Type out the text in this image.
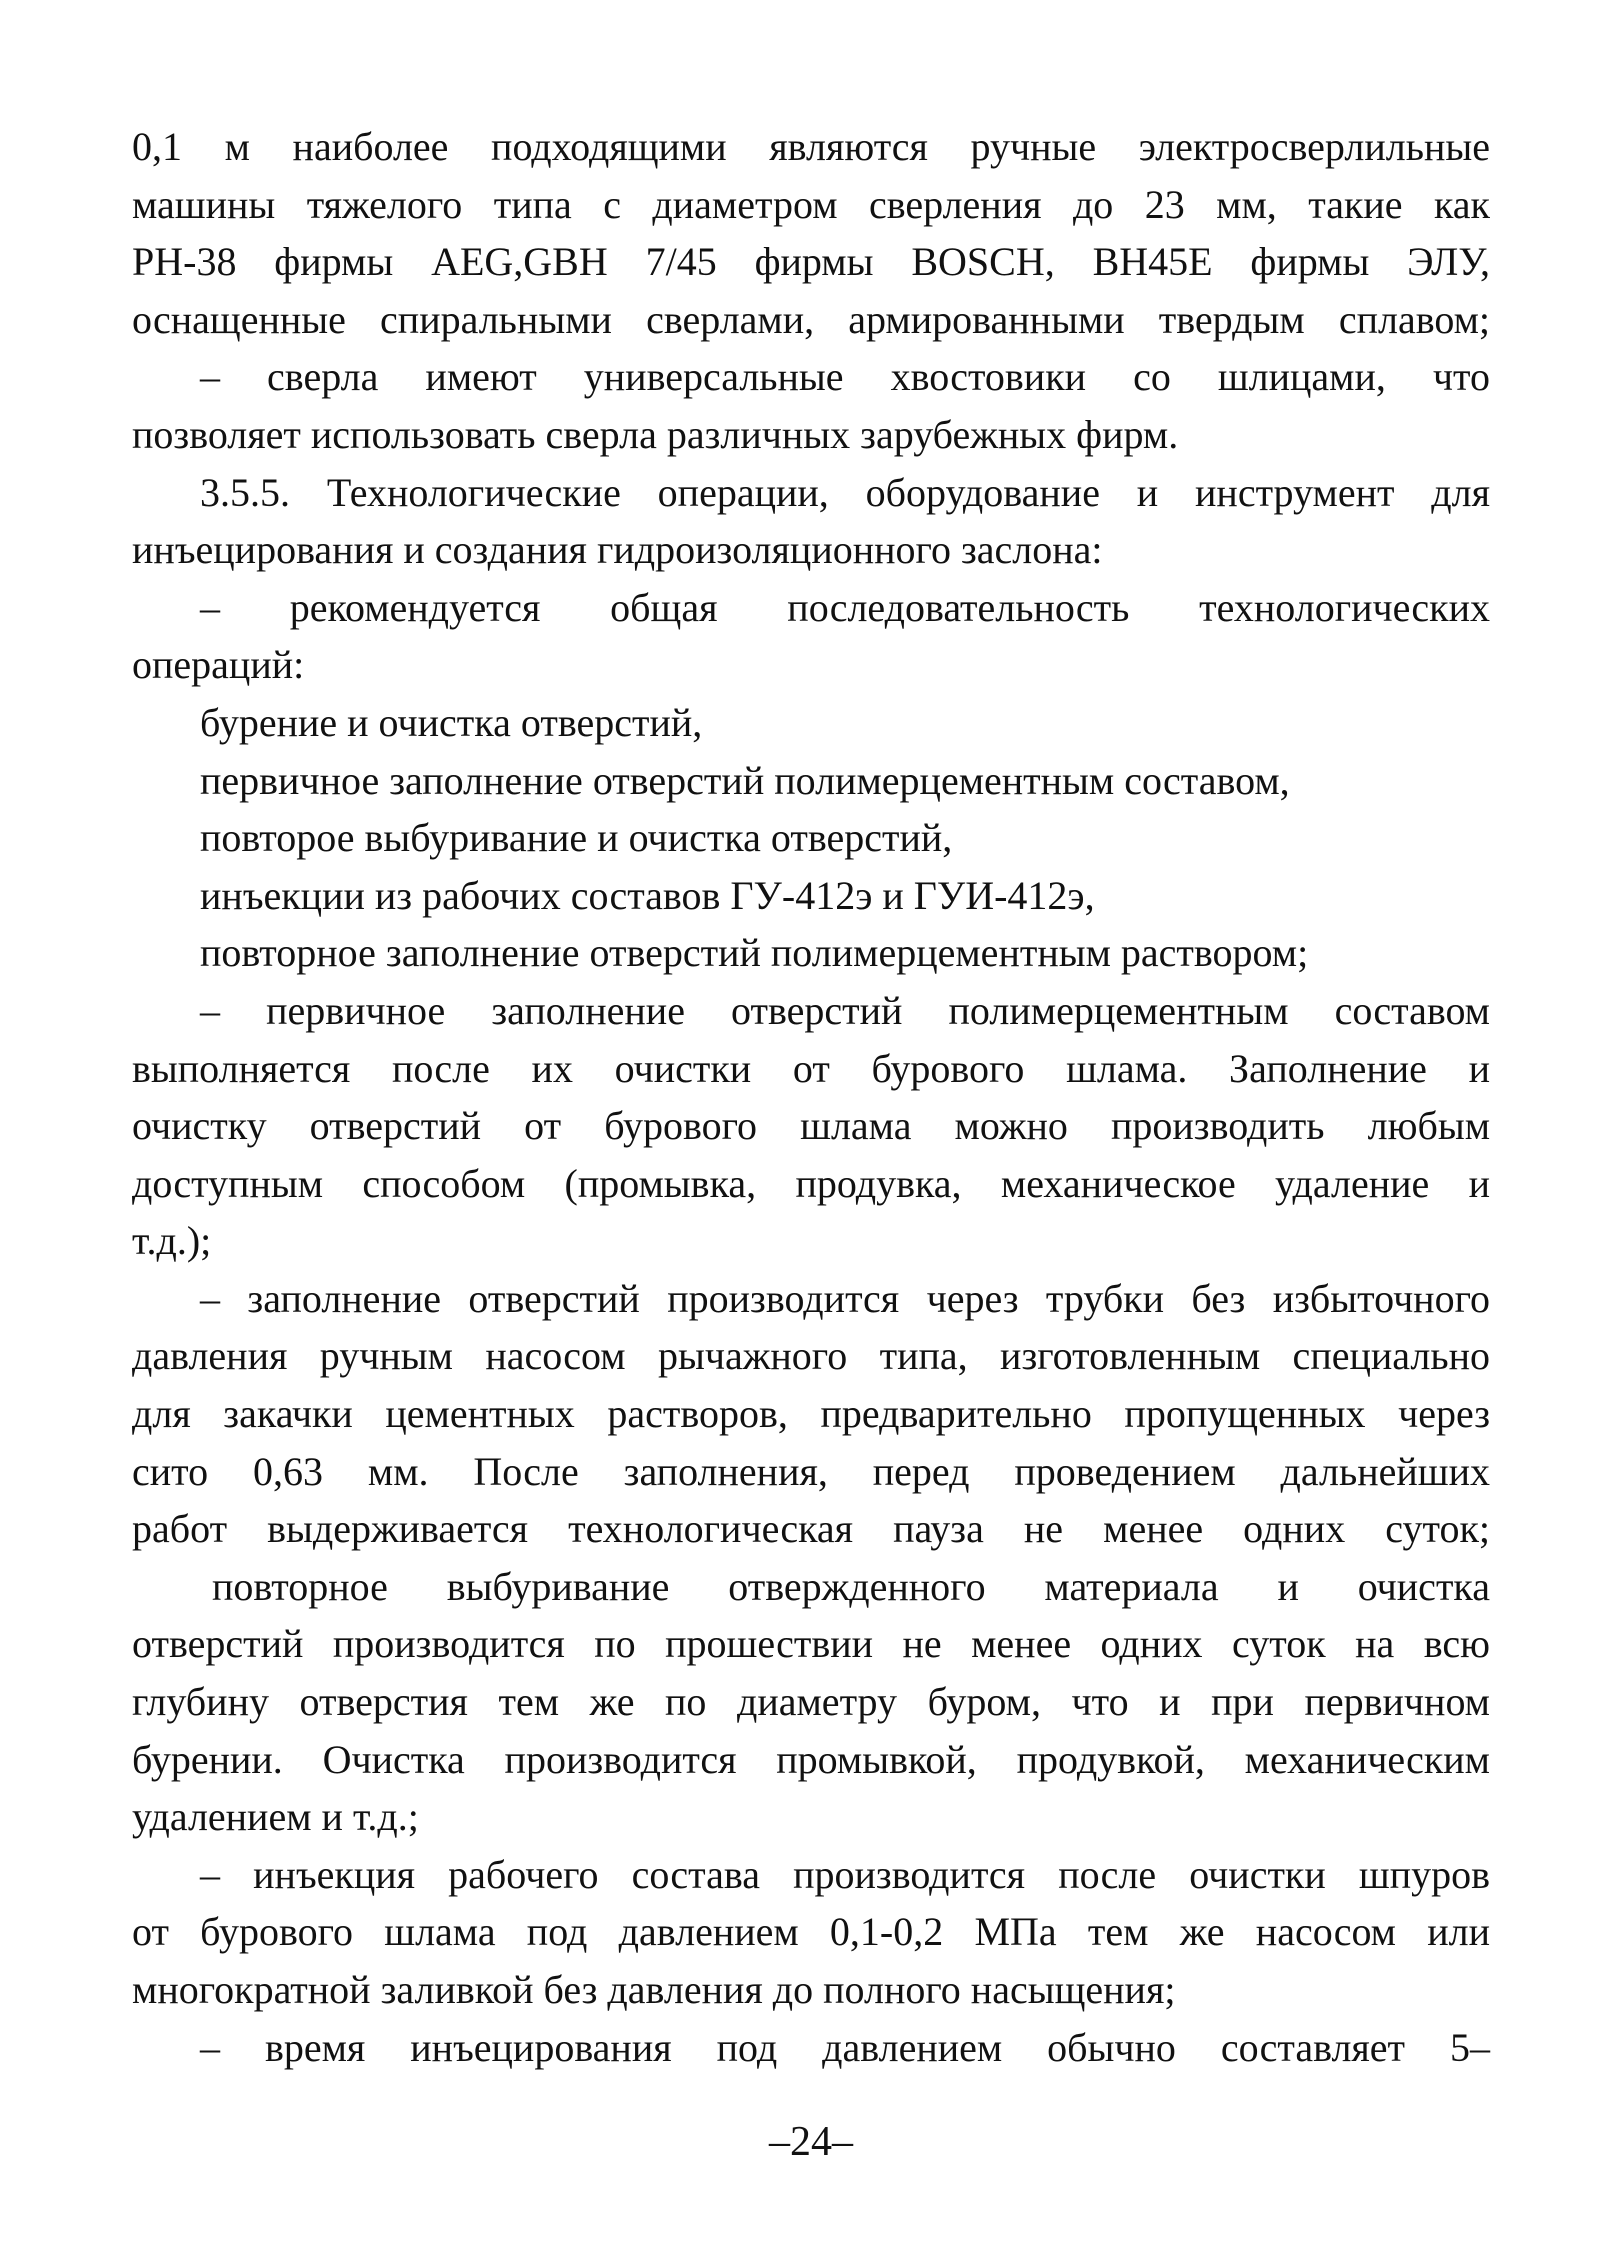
0,1 м наиболее подходящими являются ручные электросверлильные
машины тяжелого типа с диаметром сверления до 23 мм, такие как
PH-38 фирмы AEG,GBH 7/45 фирмы BOSCH, BH45E фирмы ЭЛУ,
оснащенные спиральными сверлами, армированными твердым сплавом;
– сверла имеют универсальные хвостовики со шлицами, что
позволяет использовать сверла различных зарубежных фирм.
3.5.5. Технологические операции, оборудование и инструмент для
инъецирования и создания гидроизоляционного заслона:
– рекомендуется общая последовательность технологических
операций:
бурение и очистка отверстий,
первичное заполнение отверстий полимерцементным составом,
повторое выбуривание и очистка отверстий,
инъекции из рабочих составов ГУ-412э и ГУИ-412э,
повторное заполнение отверстий полимерцементным раствором;
– первичное заполнение отверстий полимерцементным составом
выполняется после их очистки от бурового шлама. Заполнение и
очистку отверстий от бурового шлама можно производить любым
доступным способом (промывка, продувка, механическое удаление и
т.д.);
– заполнение отверстий производится через трубки без избыточного
давления ручным насосом рычажного типа, изготовленным специально
для закачки цементных растворов, предварительно пропущенных через
сито 0,63 мм. После заполнения, перед проведением дальнейших
работ выдерживается технологическая пауза не менее одних суток;
повторное выбуривание отвержденного материала и очистка
отверстий производится по прошествии не менее одних суток на всю
глубину отверстия тем же по диаметру буром, что и при первичном
бурении. Очистка производится промывкой, продувкой, механическим
удалением и т.д.;
– инъекция рабочего состава производится после очистки шпуров
от бурового шлама под давлением 0,1-0,2 МПа тем же насосом или
многократной заливкой без давления до полного насыщения;
– время инъецирования под давлением обычно составляет 5–
–24–
